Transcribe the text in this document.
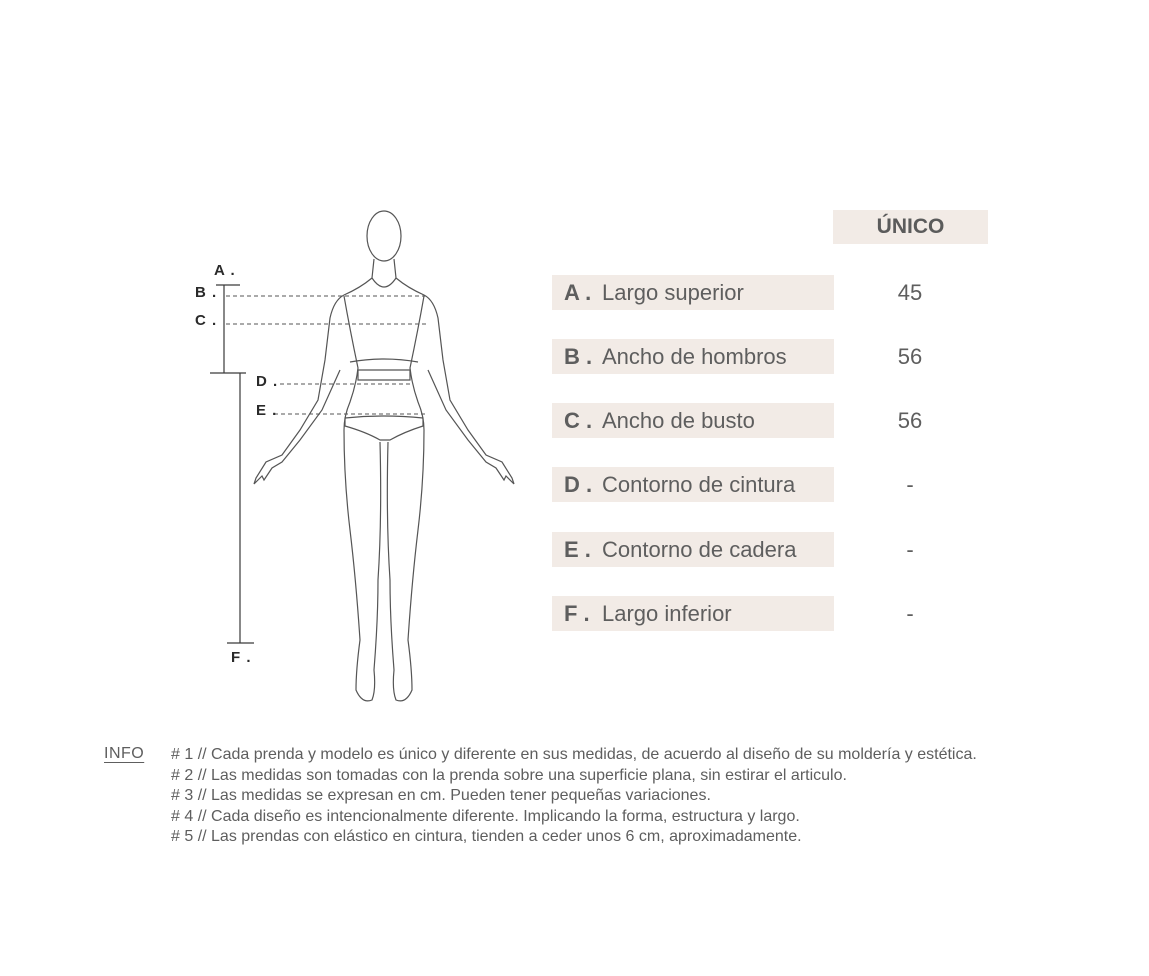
A .
B .
C .
D .
E .
F .
ÚNICO
A . Largo superior	45
B . Ancho de hombros	56
C . Ancho de busto	56
D . Contorno de cintura	-
E . Contorno de cadera	-
F . Largo inferior	-
INFO # 1 // Cada prenda y modelo es único y diferente en sus medidas, de acuerdo al diseño de su moldería y estética.
# 2 // Las medidas son tomadas con la prenda sobre una superficie plana, sin estirar el articulo.
# 3 // Las medidas se expresan en cm. Pueden tener pequeñas variaciones.
# 4 // Cada diseño es intencionalmente diferente. Implicando la forma, estructura y largo.
# 5 // Las prendas con elástico en cintura, tienden a ceder unos 6 cm, aproximadamente.
